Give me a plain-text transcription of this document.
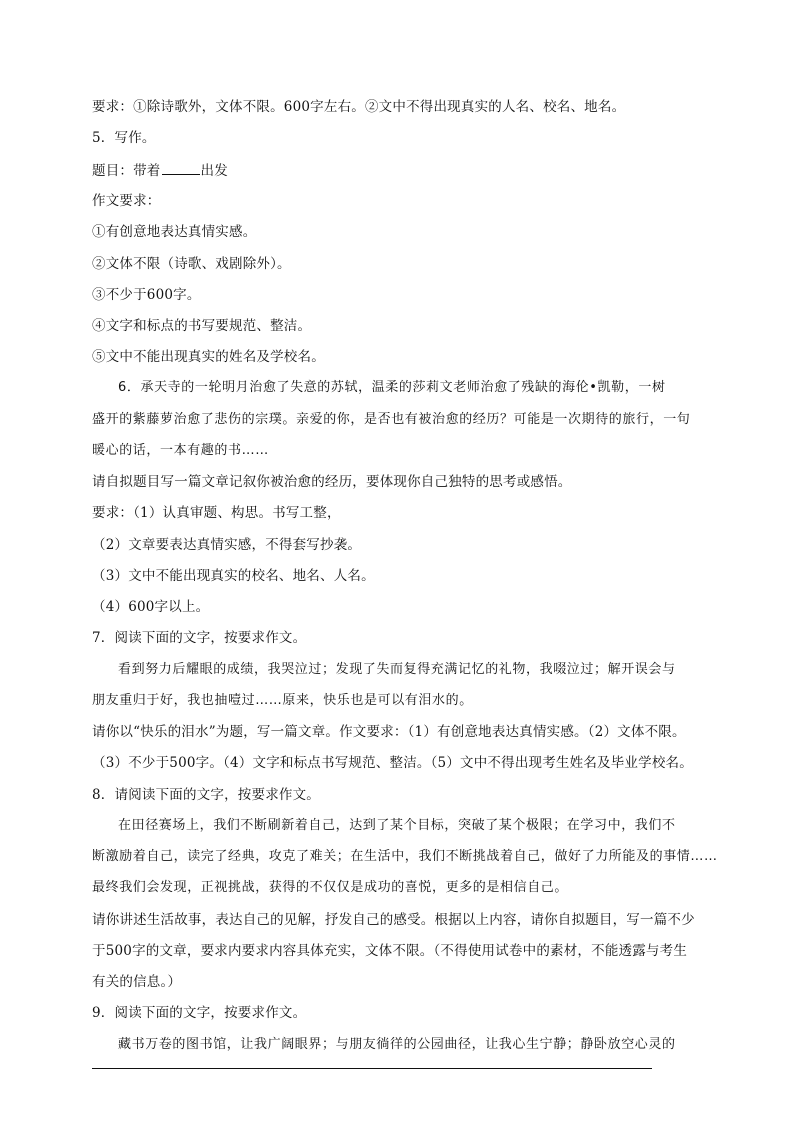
要求：①除诗歌外，文体不限。600字左右。②文中不得出现真实的人名、校名、地名。
5．写作。
题目：带着	出发
作文要求：
①有创意地表达真情实感。
②文体不限（诗歌、戏剧除外）。
③不少于600字。
④文字和标点的书写要规范、整洁。
⑤文中不能出现真实的姓名及学校名。
6．承天寺的一轮明月治愈了失意的苏轼，温柔的莎莉文老师治愈了残缺的海伦•凯勒，一树
盛开的紫藤萝治愈了悲伤的宗璞。亲爱的你，是否也有被治愈的经历？可能是一次期待的旅行，一句
暖心的话，一本有趣的书……
请自拟题目写一篇文章记叙你被治愈的经历，要体现你自己独特的思考或感悟。
要求：（1）认真审题、构思。书写工整，
（2）文章要表达真情实感，不得套写抄袭。
（3）文中不能出现真实的校名、地名、人名。
（4）600字以上。
7．阅读下面的文字，按要求作文。
看到努力后耀眼的成绩，我哭泣过；发现了失而复得充满记忆的礼物，我啜泣过；解开误会与
朋友重归于好，我也抽噎过……原来，快乐也是可以有泪水的。
请你以“快乐的泪水”为题，写一篇文章。作文要求：（1）有创意地表达真情实感。（2）文体不限。
（3）不少于500字。（4）文字和标点书写规范、整洁。（5）文中不得出现考生姓名及毕业学校名。
8．请阅读下面的文字，按要求作文。
在田径赛场上，我们不断刷新着自己，达到了某个目标，突破了某个极限；在学习中，我们不
断激励着自己，读完了经典，攻克了难关；在生活中，我们不断挑战着自己，做好了力所能及的事情……
最终我们会发现，正视挑战，获得的不仅仅是成功的喜悦，更多的是相信自己。
请你讲述生活故事，表达自己的见解，抒发自己的感受。根据以上内容，请你自拟题目，写一篇不少
于500字的文章，要求内要求内容具体充实，文体不限。（不得使用试卷中的素材，不能透露与考生
有关的信息。）
9．阅读下面的文字，按要求作文。
藏书万卷的图书馆，让我广阔眼界；与朋友徜徉的公园曲径，让我心生宁静；静卧放空心灵的
